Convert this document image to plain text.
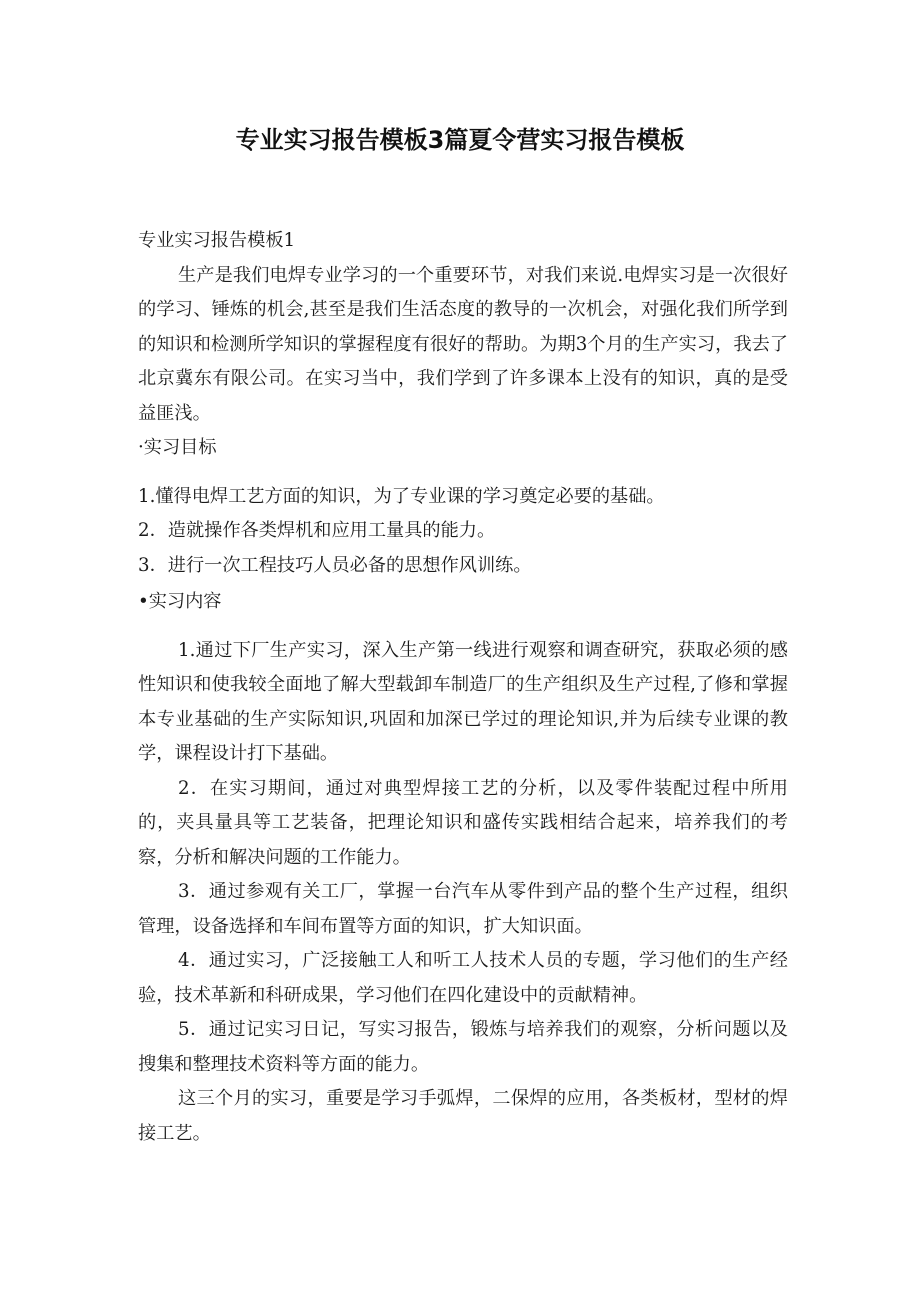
专业实习报告模板3篇夏令营实习报告模板

专业实习报告模板1

生产是我们电焊专业学习的一个重要环节，对我们来说.电焊实习是一次很好的学习、锤炼的机会,甚至是我们生活态度的教导的一次机会，对强化我们所学到的知识和检测所学知识的掌握程度有很好的帮助。为期3个月的生产实习，我去了北京冀东有限公司。在实习当中，我们学到了许多课本上没有的知识，真的是受益匪浅。

·实习目标

1.懂得电焊工艺方面的知识，为了专业课的学习奠定必要的基础。

2．造就操作各类焊机和应用工量具的能力。

3．进行一次工程技巧人员必备的思想作风训练。

•实习内容

1.通过下厂生产实习，深入生产第一线进行观察和调查研究，获取必须的感性知识和使我较全面地了解大型载卸车制造厂的生产组织及生产过程,了修和掌握本专业基础的生产实际知识,巩固和加深已学过的理论知识,并为后续专业课的教学，课程设计打下基础。

2．在实习期间，通过对典型焊接工艺的分析，以及零件装配过程中所用的，夹具量具等工艺装备，把理论知识和盛传实践相结合起来，培养我们的考察，分析和解决问题的工作能力。

3．通过参观有关工厂，掌握一台汽车从零件到产品的整个生产过程，组织管理，设备选择和车间布置等方面的知识，扩大知识面。

4．通过实习，广泛接触工人和听工人技术人员的专题，学习他们的生产经验，技术革新和科研成果，学习他们在四化建设中的贡献精神。

5．通过记实习日记，写实习报告，锻炼与培养我们的观察，分析问题以及搜集和整理技术资料等方面的能力。

这三个月的实习，重要是学习手弧焊，二保焊的应用，各类板材，型材的焊接工艺。
